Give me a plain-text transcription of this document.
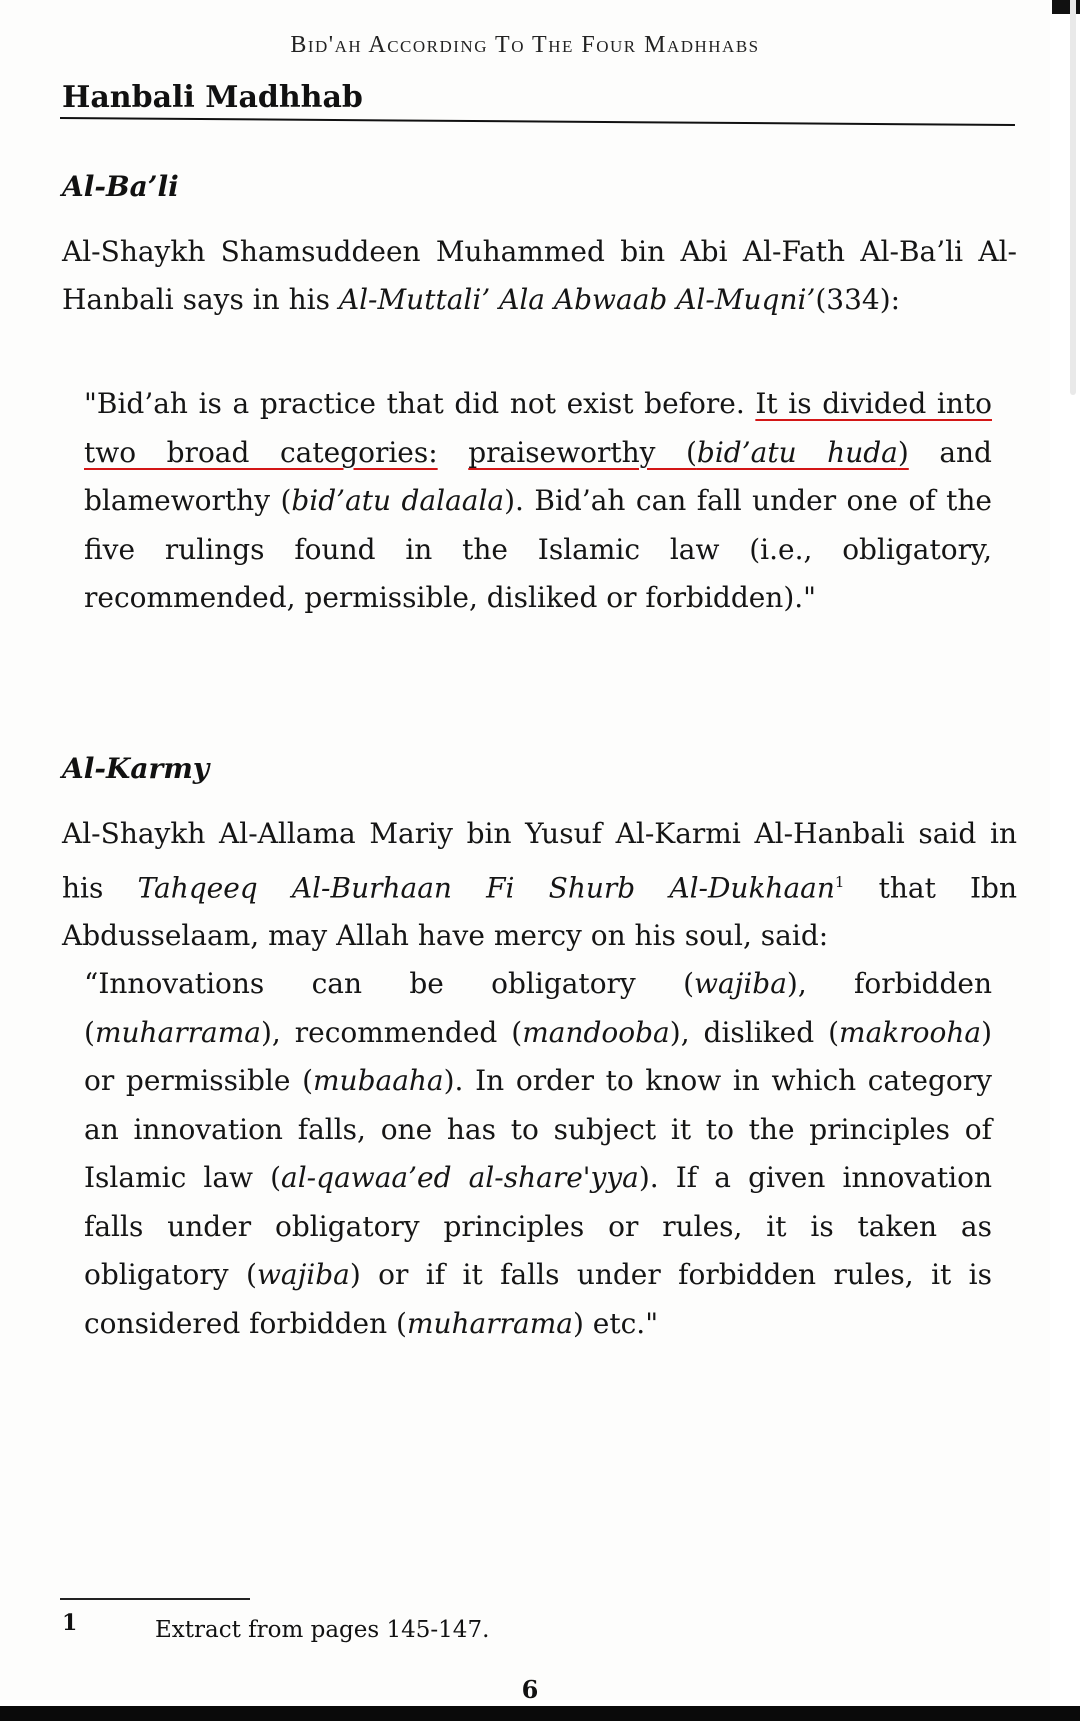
Bid'ah According To The Four Madhhabs
Hanbali Madhhab
Al-Ba’li
Al-Shaykh Shamsuddeen Muhammed bin Abi Al-Fath Al-Ba’li Al-Hanbali says in his Al-Muttali’ Ala Abwaab Al-Muqni’(334):
"Bid’ah is a practice that did not exist before. It is divided into two broad categories: praiseworthy (bid’atu huda) and blameworthy (bid’atu dalaala). Bid’ah can fall under one of the five rulings found in the Islamic law (i.e., obligatory, recommended, permissible, disliked or forbidden)."
Al-Karmy
Al-Shaykh Al-Allama Mariy bin Yusuf Al-Karmi Al-Hanbali said in his Tahqeeq Al-Burhaan Fi Shurb Al-Dukhaan$^1$ that Ibn Abdusselaam, may Allah have mercy on his soul, said:
“Innovations can be obligatory (wajiba), forbidden (muharrama), recommended (mandooba), disliked (makrooha) or permissible (mubaaha). In order to know in which category an innovation falls, one has to subject it to the principles of Islamic law (al-qawaa’ed al-share'yya). If a given innovation falls under obligatory principles or rules, it is taken as obligatory (wajiba) or if it falls under forbidden rules, it is considered forbidden (muharrama) etc."
1	Extract from pages 145-147.
6
